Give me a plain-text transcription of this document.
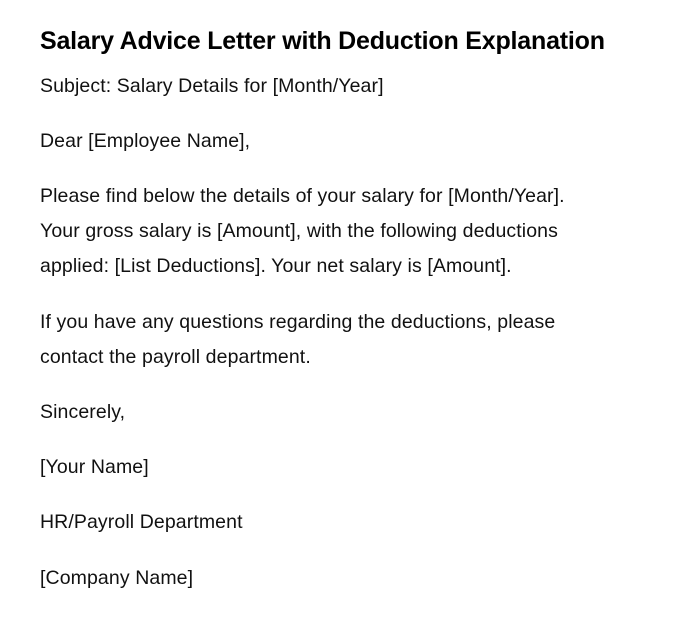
Salary Advice Letter with Deduction Explanation

Subject: Salary Details for [Month/Year]

Dear [Employee Name],

Please find below the details of your salary for [Month/Year].
Your gross salary is [Amount], with the following deductions
applied: [List Deductions]. Your net salary is [Amount].

If you have any questions regarding the deductions, please
contact the payroll department.

Sincerely,

[Your Name]

HR/Payroll Department

[Company Name]
